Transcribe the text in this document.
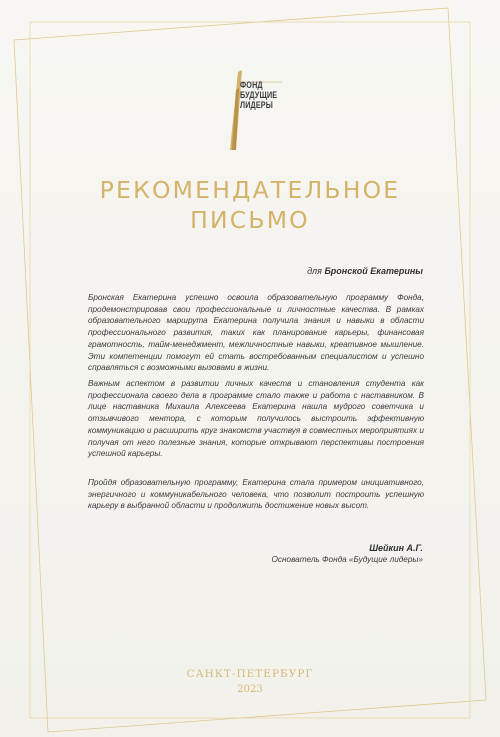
ФОНД
БУДУЩИЕ
ЛИДЕРЫ
РЕКОМЕНДАТЕЛЬНОЕ
ПИСЬМО
для Бронской Екатерины
Бронская Екатерина успешно освоила образовательную программу Фонда, продемонстрировав свои профессиональные и личностные качества. В рамках образовательного маршрута Екатерина получила знания и навыки в области профессионального развития, таких как планирование карьеры, финансовая грамотность, тайм-менеджмент, межличностные навыки, креативное мышление. Эти компетенции помогут ей стать востребованным специалистом и успешно справляться с возможными вызовами в жизни.
Важным аспектом в развитии личных качеств и становления студента как профессионала своего дела в программе стало также и работа с наставником. В лице наставника Михаила Алексеева Екатерина нашла мудрого советчика и отзывчивого ментора, с которым получилось выстроить эффективную коммуникацию и расширить круг знакомств участвуя в совместных мероприятиях и получая от него полезные знания, которые открывают перспективы построения успешной карьеры.
Пройдя образовательную программу, Екатерина стала примером инициативного, энергичного и коммуникабельного человека, что позволит построить успешную карьеру в выбранной области и продолжить достижение новых высот.
Шейкин А.Г.
Основатель Фонда «Будущие лидеры»
САНКТ-ПЕТЕРБУРГ
2023
